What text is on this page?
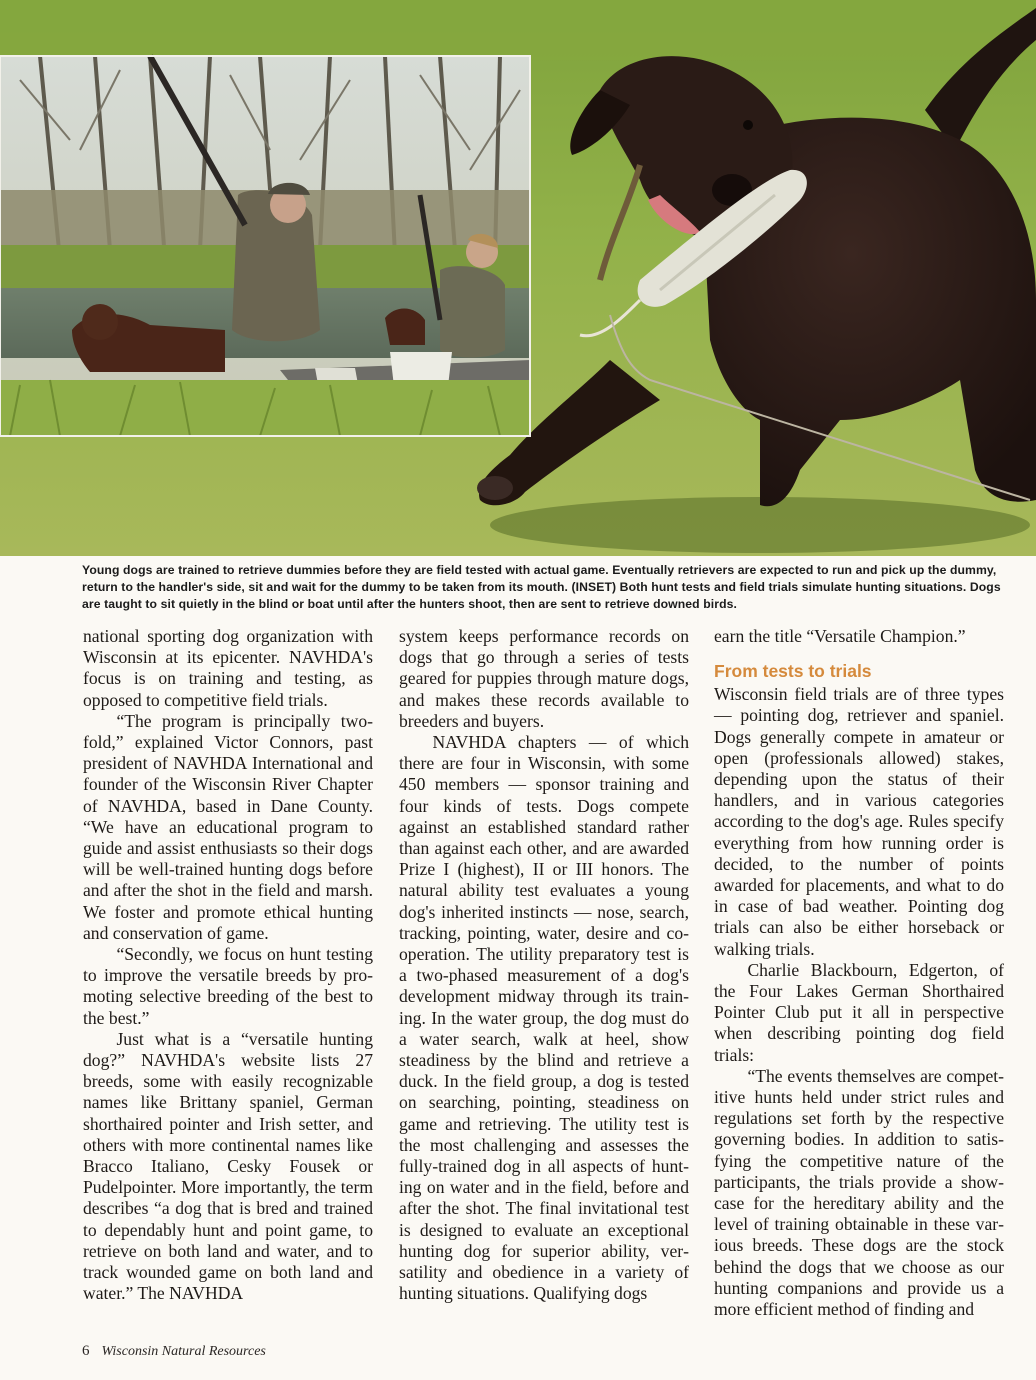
Young dogs are trained to retrieve dummies before they are field tested with actual game. Eventually retrievers are expected to run and pick up the dummy, return to the handler's side, sit and wait for the dummy to be taken from its mouth. (INSET) Both hunt tests and field trials simulate hunting situations. Dogs are taught to sit quietly in the blind or boat until after the hunters shoot, then are sent to retrieve downed birds.

national sporting dog organization with Wisconsin at its epicenter. NAVHDA's focus is on training and testing, as opposed to competitive field trials.

“The program is principally twofold,” explained Victor Connors, past president of NAVHDA International and founder of the Wisconsin River Chapter of NAVHDA, based in Dane County. “We have an educational program to guide and assist enthusiasts so their dogs will be well-trained hunting dogs before and after the shot in the field and marsh. We foster and promote ethical hunting and conservation of game.

“Secondly, we focus on hunt testing to improve the versatile breeds by promoting selective breeding of the best to the best.”

Just what is a “versatile hunting dog?” NAVHDA's website lists 27 breeds, some with easily recognizable names like Brittany spaniel, German shorthaired pointer and Irish setter, and others with more continental names like Bracco Italiano, Cesky Fousek or Pudelpointer. More importantly, the term describes “a dog that is bred and trained to dependably hunt and point game, to retrieve on both land and water, and to track wounded game on both land and water.” The NAVHDA

system keeps performance records on dogs that go through a series of tests geared for puppies through mature dogs, and makes these records available to breeders and buyers.

NAVHDA chapters — of which there are four in Wisconsin, with some 450 members — sponsor training and four kinds of tests. Dogs compete against an established standard rather than against each other, and are awarded Prize I (highest), II or III honors. The natural ability test evaluates a young dog's inherited instincts — nose, search, tracking, pointing, water, desire and cooperation. The utility preparatory test is a two-phased measurement of a dog's development midway through its training. In the water group, the dog must do a water search, walk at heel, show steadiness by the blind and retrieve a duck. In the field group, a dog is tested on searching, pointing, steadiness on game and retrieving. The utility test is the most challenging and assesses the fully-trained dog in all aspects of hunting on water and in the field, before and after the shot. The final invitational test is designed to evaluate an exceptional hunting dog for superior ability, versatility and obedience in a variety of hunting situations. Qualifying dogs

earn the title “Versatile Champion.”

From tests to trials

Wisconsin field trials are of three types — pointing dog, retriever and spaniel. Dogs generally compete in amateur or open (professionals allowed) stakes, depending upon the status of their handlers, and in various categories according to the dog's age. Rules specify everything from how running order is decided, to the number of points awarded for placements, and what to do in case of bad weather. Pointing dog trials can also be either horseback or walking trials.

Charlie Blackbourn, Edgerton, of the Four Lakes German Shorthaired Pointer Club put it all in perspective when describing pointing dog field trials:

“The events themselves are competitive hunts held under strict rules and regulations set forth by the respective governing bodies. In addition to satisfying the competitive nature of the participants, the trials provide a showcase for the hereditary ability and the level of training obtainable in these various breeds. These dogs are the stock behind the dogs that we choose as our hunting companions and provide us a more efficient method of finding and

6 Wisconsin Natural Resources
